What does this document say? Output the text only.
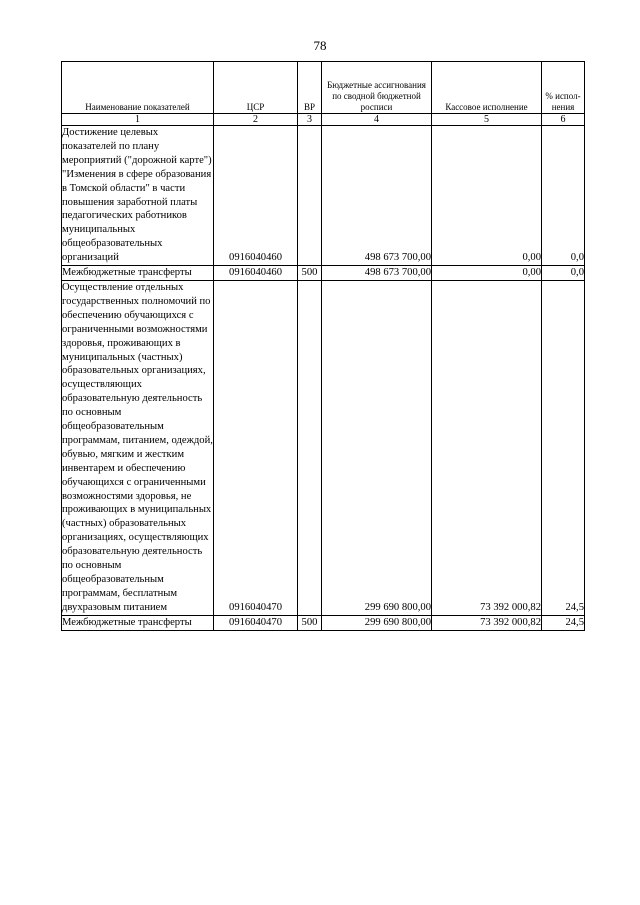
78
Наименование показателей	ЦСР	ВР	Бюджетные ассигнования по сводной бюджетной росписи	Кассовое исполнение	% испол-нения
1	2	3	4	5	6
Достижение целевых показателей по плану мероприятий ("дорожной карте") "Изменения в сфере образования в Томской области" в части повышения заработной платы педагогических работников муниципальных общеобразовательных организаций	0916040460		498 673 700,00	0,00	0,0
Межбюджетные трансферты	0916040460	500	498 673 700,00	0,00	0,0
Осуществление отдельных государственных полномочий по обеспечению обучающихся с ограниченными возможностями здоровья, проживающих в муниципальных (частных) образовательных организациях, осуществляющих образовательную деятельность по основным общеобразовательным программам, питанием, одеждой, обувью, мягким и жестким инвентарем и обеспечению обучающихся с ограниченными возможностями здоровья, не проживающих в муниципальных (частных) образовательных организациях, осуществляющих образовательную деятельность по основным общеобразовательным программам, бесплатным двухразовым питанием	0916040470		299 690 800,00	73 392 000,82	24,5
Межбюджетные трансферты	0916040470	500	299 690 800,00	73 392 000,82	24,5
